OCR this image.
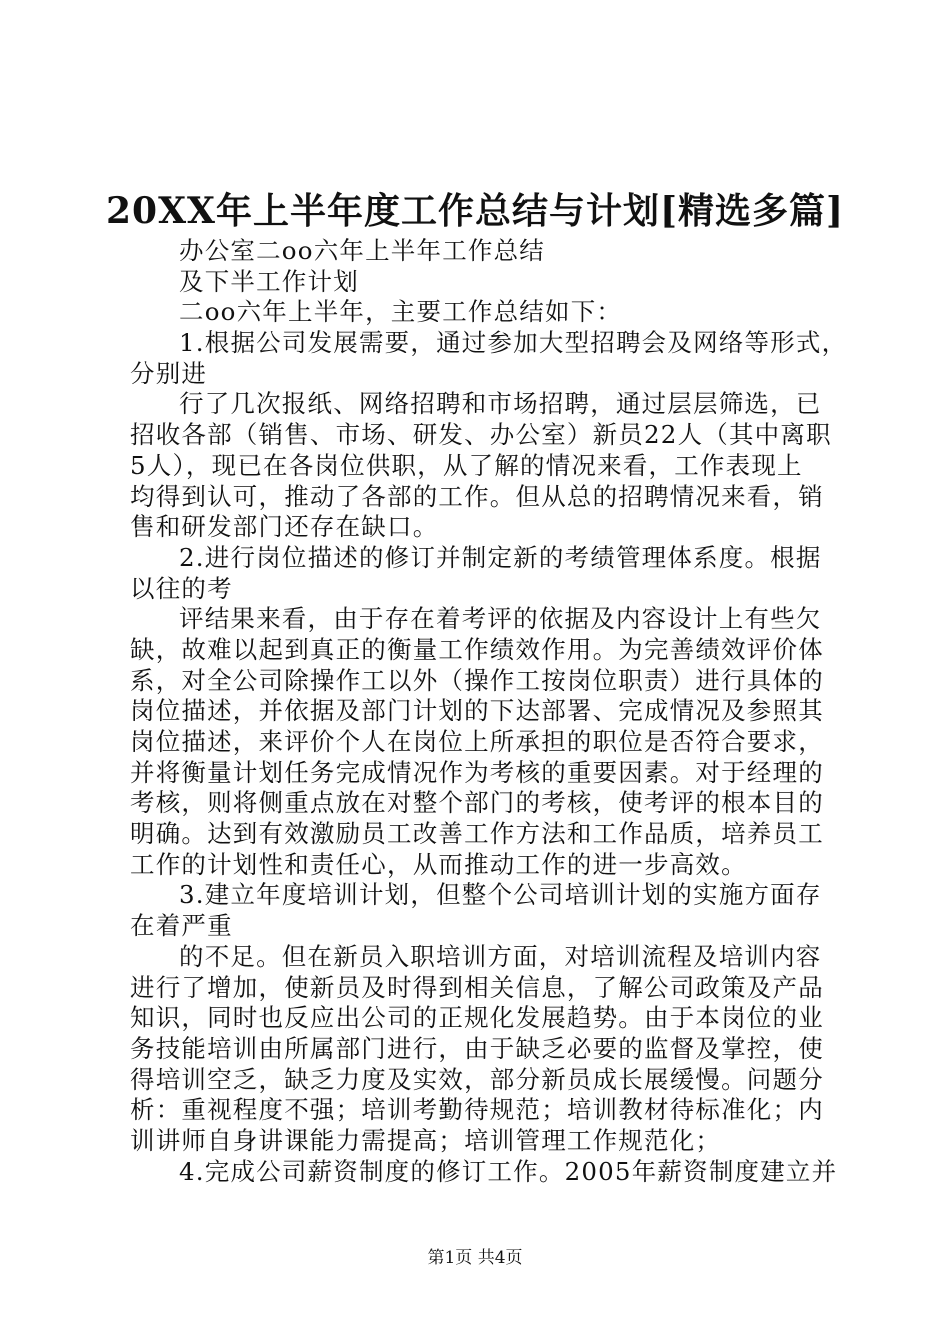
20XX年上半年度工作总结与计划[精选多篇]
办公室二oo六年上半年工作总结
及下半工作计划
二oo六年上半年，主要工作总结如下：
1.根据公司发展需要，通过参加大型招聘会及网络等形式，
分别进
行了几次报纸、网络招聘和市场招聘，通过层层筛选，已
招收各部（销售、市场、研发、办公室）新员22人（其中离职
5人），现已在各岗位供职，从了解的情况来看，工作表现上
均得到认可，推动了各部的工作。但从总的招聘情况来看，销
售和研发部门还存在缺口。
2.进行岗位描述的修订并制定新的考绩管理体系度。根据
以往的考
评结果来看，由于存在着考评的依据及内容设计上有些欠
缺，故难以起到真正的衡量工作绩效作用。为完善绩效评价体
系，对全公司除操作工以外（操作工按岗位职责）进行具体的
岗位描述，并依据及部门计划的下达部署、完成情况及参照其
岗位描述，来评价个人在岗位上所承担的职位是否符合要求，
并将衡量计划任务完成情况作为考核的重要因素。对于经理的
考核，则将侧重点放在对整个部门的考核，使考评的根本目的
明确。达到有效激励员工改善工作方法和工作品质，培养员工
工作的计划性和责任心，从而推动工作的进一步高效。
3.建立年度培训计划，但整个公司培训计划的实施方面存
在着严重
的不足。但在新员入职培训方面，对培训流程及培训内容
进行了增加，使新员及时得到相关信息，了解公司政策及产品
知识，同时也反应出公司的正规化发展趋势。由于本岗位的业
务技能培训由所属部门进行，由于缺乏必要的监督及掌控，使
得培训空乏，缺乏力度及实效，部分新员成长展缓慢。问题分
析：重视程度不强；培训考勤待规范；培训教材待标准化；内
训讲师自身讲课能力需提高；培训管理工作规范化；
4.完成公司薪资制度的修订工作。2005年薪资制度建立并
第1页 共4页
